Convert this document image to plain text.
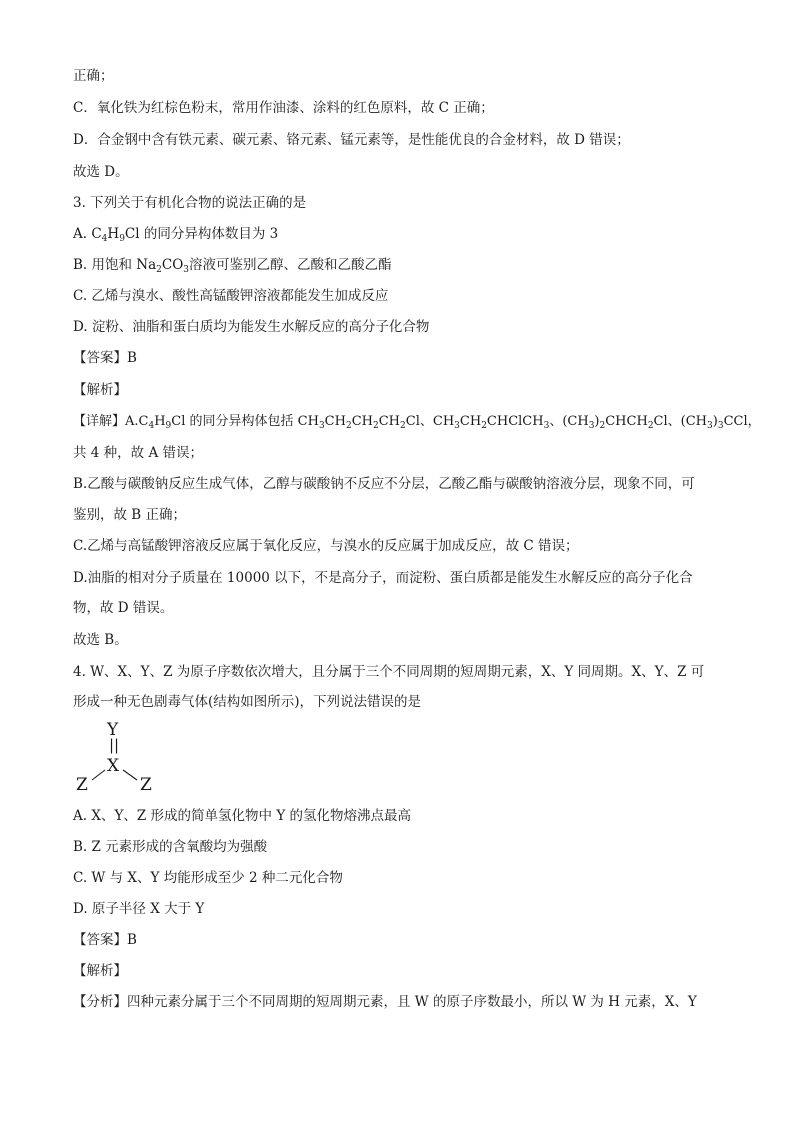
正确；
C．氧化铁为红棕色粉末，常用作油漆、涂料的红色原料，故 C 正确；
D．合金钢中含有铁元素、碳元素、铬元素、锰元素等，是性能优良的合金材料，故 D 错误；
故选 D。
3. 下列关于有机化合物的说法正确的是
A. $C_4H_9Cl$ 的同分异构体数目为 3
B. 用饱和 $Na_2CO_3$溶液可鉴别乙醇、乙酸和乙酸乙酯
C. 乙烯与溴水、酸性高锰酸钾溶液都能发生加成反应
D. 淀粉、油脂和蛋白质均为能发生水解反应的高分子化合物
【答案】B
【解析】
【详解】$A.C_4H_9Cl$ 的同分异构体包括 $CH_3CH_2CH_2CH_2Cl$、$CH_3CH_2CHClCH_3$、$(CH_3)_2CHCH_2Cl$、$(CH_3)_3CCl$，
共 4 种，故 A 错误；
B.乙酸与碳酸钠反应生成气体，乙醇与碳酸钠不反应不分层，乙酸乙酯与碳酸钠溶液分层，现象不同，可
鉴别，故 B 正确；
C.乙烯与高锰酸钾溶液反应属于氧化反应，与溴水的反应属于加成反应，故 C 错误；
D.油脂的相对分子质量在 10000 以下，不是高分子，而淀粉、蛋白质都是能发生水解反应的高分子化合
物，故 D 错误。
故选 B。
4. W、X、Y、Z 为原子序数依次增大，且分属于三个不同周期的短周期元素，X、Y 同周期。X、Y、Z 可
形成一种无色剧毒气体(结构如图所示)，下列说法错误的是
Y
||
X
Z	Z
A. X、Y、Z 形成的简单氢化物中 Y 的氢化物熔沸点最高
B. Z 元素形成的含氧酸均为强酸
C. W 与 X、Y 均能形成至少 2 种二元化合物
D. 原子半径 X 大于 Y
【答案】B
【解析】
【分析】四种元素分属于三个不同周期的短周期元素，且 W 的原子序数最小，所以 W 为 H 元素，X、Y
